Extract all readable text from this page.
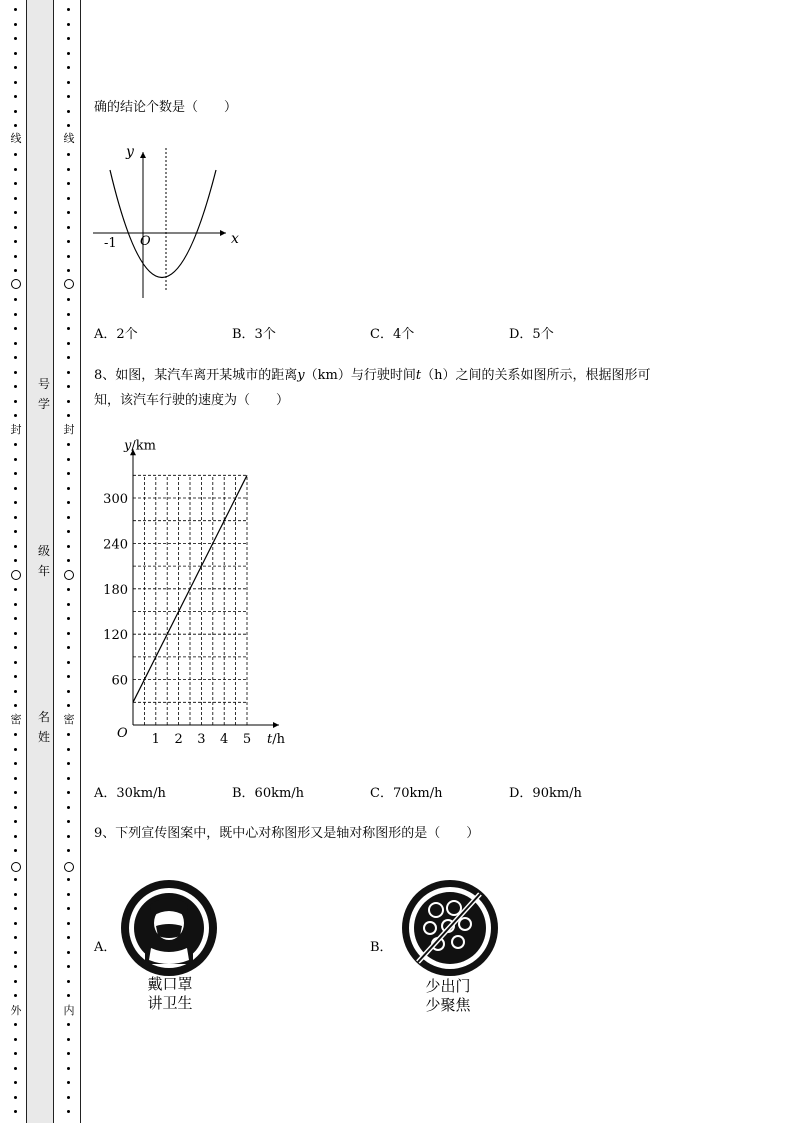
线
封
密
外
线
封
密
内
号学
级年
名姓
确的结论个数是（　　）
y
x
O
-1
A．2个	B．3个	C．4个	D．5个
8、如图，某汽车离开某城市的距离y（km）与行驶时间t（h）之间的关系如图所示，根据图形可
知，该汽车行驶的速度为（　　）
1 2 3 4 5
60
120
180
240
300
y/km
t/h
O
A．30km/h	B．60km/h	C．70km/h	D．90km/h
9、下列宣传图案中，既中心对称图形又是轴对称图形的是（　　）
A．
戴口罩
讲卫生
B．
少出门
少聚焦
